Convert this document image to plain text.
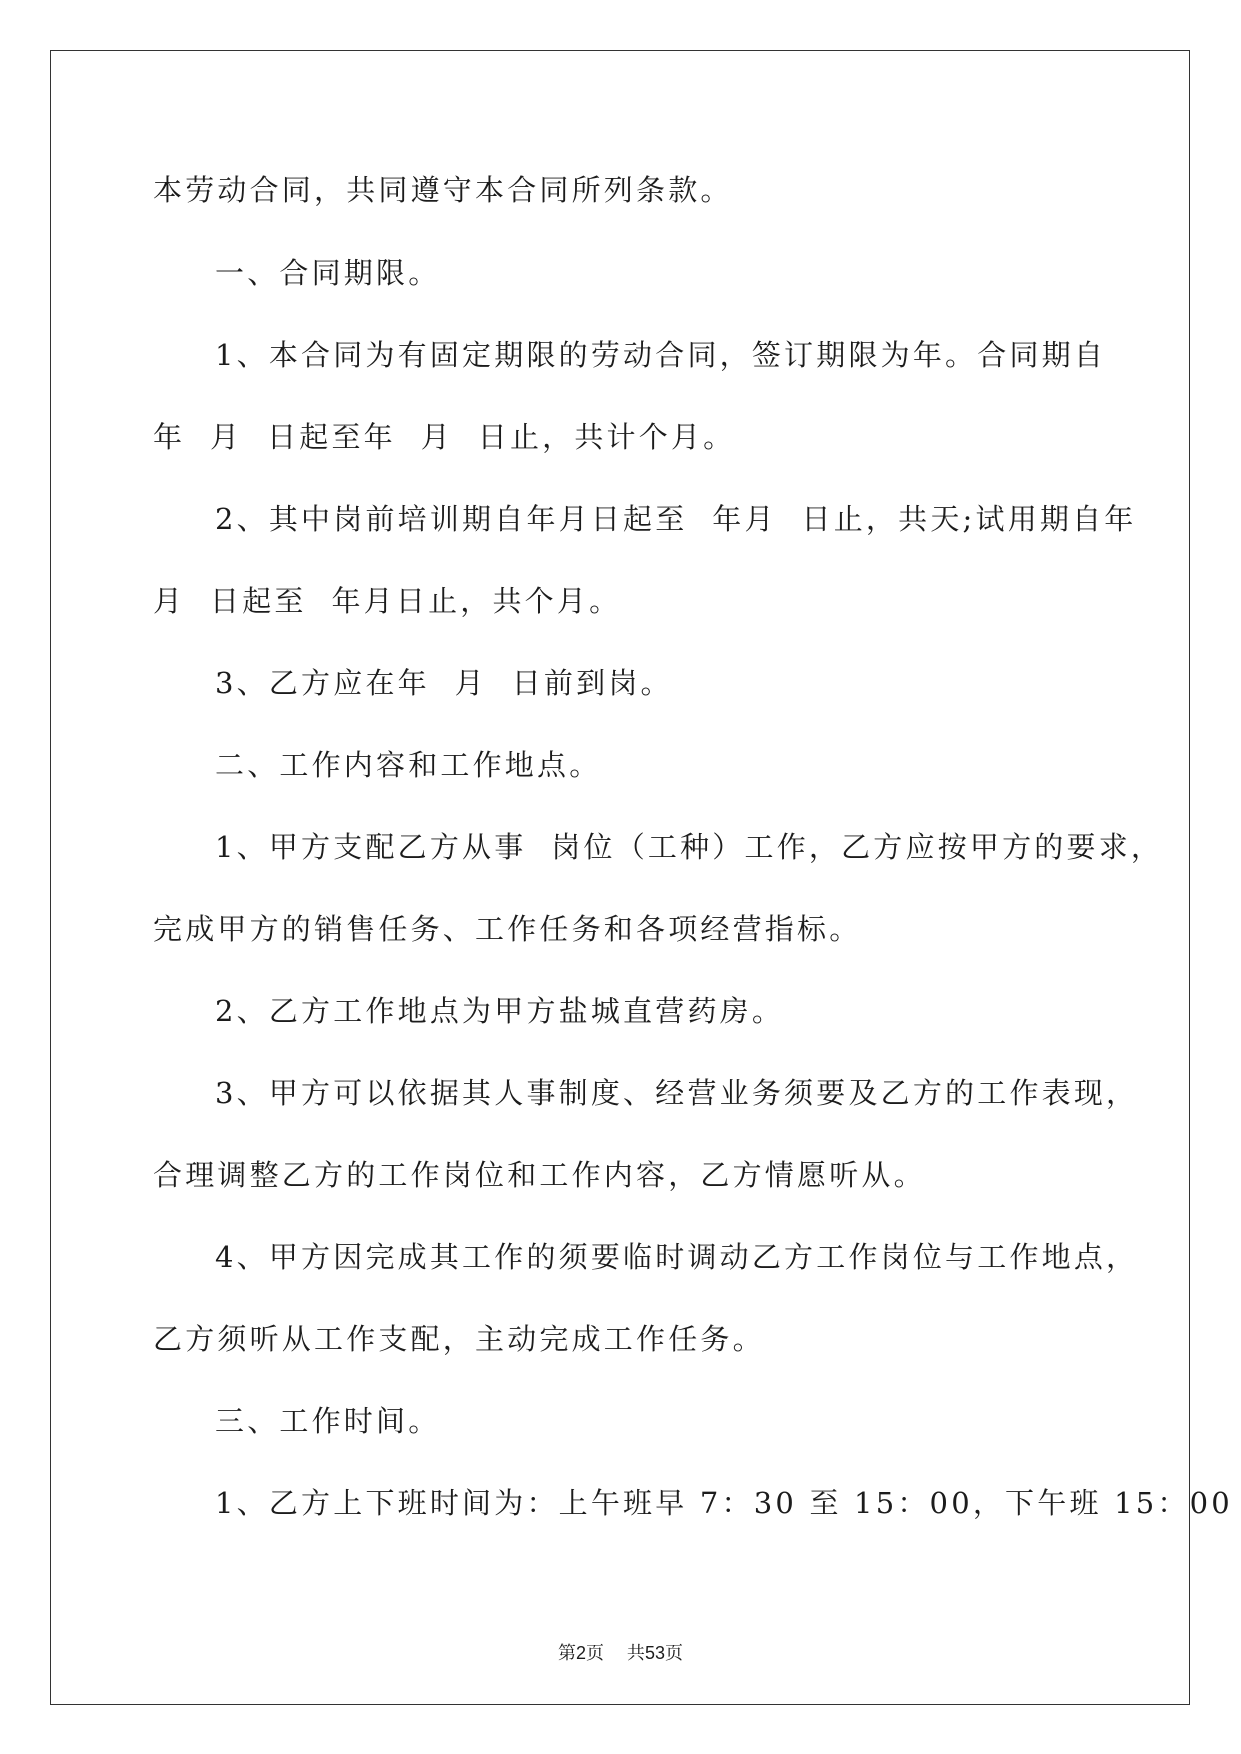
本劳动合同，共同遵守本合同所列条款。
一、合同期限。
1、本合同为有固定期限的劳动合同，签订期限为年。合同期自
年  月  日起至年  月  日止，共计个月。
2、其中岗前培训期自年月日起至  年月  日止，共天;试用期自年
月  日起至  年月日止，共个月。
3、乙方应在年  月  日前到岗。
二、工作内容和工作地点。
1、甲方支配乙方从事  岗位（工种）工作，乙方应按甲方的要求，
完成甲方的销售任务、工作任务和各项经营指标。
2、乙方工作地点为甲方盐城直营药房。
3、甲方可以依据其人事制度、经营业务须要及乙方的工作表现，
合理调整乙方的工作岗位和工作内容，乙方情愿听从。
4、甲方因完成其工作的须要临时调动乙方工作岗位与工作地点，
乙方须听从工作支配，主动完成工作任务。
三、工作时间。
1、乙方上下班时间为：上午班早 7：30 至 15：00，下午班 15：00
第2页    共53页
